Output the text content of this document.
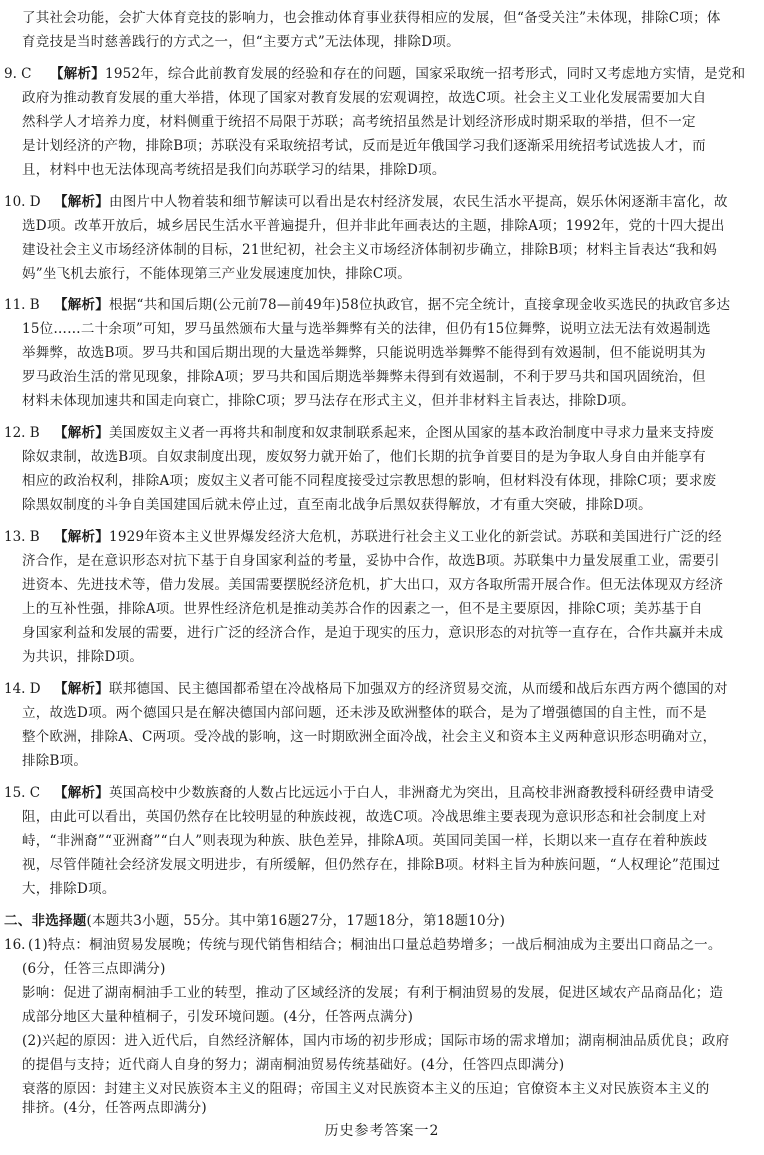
了其社会功能，会扩大体育竞技的影响力，也会推动体育事业获得相应的发展，但“备受关注”未体现，排除C项；体
育竞技是当时慈善践行的方式之一，但“主要方式”无法体现，排除D项。
9. C 【解析】1952年，综合此前教育发展的经验和存在的问题，国家采取统一招考形式，同时又考虑地方实情，是党和
政府为推动教育发展的重大举措，体现了国家对教育发展的宏观调控，故选C项。社会主义工业化发展需要加大自
然科学人才培养力度，材料侧重于统招不局限于苏联；高考统招虽然是计划经济形成时期采取的举措，但不一定
是计划经济的产物，排除B项；苏联没有采取统招考试，反而是近年俄国学习我们逐渐采用统招考试选拔人才，而
且，材料中也无法体现高考统招是我们向苏联学习的结果，排除D项。
10. D 【解析】由图片中人物着装和细节解读可以看出是农村经济发展，农民生活水平提高，娱乐休闲逐渐丰富化，故
选D项。改革开放后，城乡居民生活水平普遍提升，但并非此年画表达的主题，排除A项；1992年，党的十四大提出
建设社会主义市场经济体制的目标，21世纪初，社会主义市场经济体制初步确立，排除B项；材料主旨表达“我和妈
妈”坐飞机去旅行，不能体现第三产业发展速度加快，排除C项。
11. B 【解析】根据“共和国后期(公元前78—前49年)58位执政官，据不完全统计，直接拿现金收买选民的执政官多达
15位……二十余项”可知，罗马虽然颁布大量与选举舞弊有关的法律，但仍有15位舞弊，说明立法无法有效遏制选
举舞弊，故选B项。罗马共和国后期出现的大量选举舞弊，只能说明选举舞弊不能得到有效遏制，但不能说明其为
罗马政治生活的常见现象，排除A项；罗马共和国后期选举舞弊未得到有效遏制，不利于罗马共和国巩固统治，但
材料未体现加速共和国走向衰亡，排除C项；罗马法存在形式主义，但并非材料主旨表达，排除D项。
12. B 【解析】美国废奴主义者一再将共和制度和奴隶制联系起来，企图从国家的基本政治制度中寻求力量来支持废
除奴隶制，故选B项。自奴隶制度出现，废奴努力就开始了，他们长期的抗争首要目的是为争取人身自由并能享有
相应的政治权利，排除A项；废奴主义者可能不同程度接受过宗教思想的影响，但材料没有体现，排除C项；要求废
除黑奴制度的斗争自美国建国后就未停止过，直至南北战争后黑奴获得解放，才有重大突破，排除D项。
13. B 【解析】1929年资本主义世界爆发经济大危机，苏联进行社会主义工业化的新尝试。苏联和美国进行广泛的经
济合作，是在意识形态对抗下基于自身国家利益的考量，妥协中合作，故选B项。苏联集中力量发展重工业，需要引
进资本、先进技术等，借力发展。美国需要摆脱经济危机，扩大出口，双方各取所需开展合作。但无法体现双方经济
上的互补性强，排除A项。世界性经济危机是推动美苏合作的因素之一，但不是主要原因，排除C项；美苏基于自
身国家利益和发展的需要，进行广泛的经济合作，是迫于现实的压力，意识形态的对抗等一直存在，合作共赢并未成
为共识，排除D项。
14. D 【解析】联邦德国、民主德国都希望在冷战格局下加强双方的经济贸易交流，从而缓和战后东西方两个德国的对
立，故选D项。两个德国只是在解决德国内部问题，还未涉及欧洲整体的联合，是为了增强德国的自主性，而不是
整个欧洲，排除A、C两项。受冷战的影响，这一时期欧洲全面冷战，社会主义和资本主义两种意识形态明确对立，
排除B项。
15. C 【解析】英国高校中少数族裔的人数占比远远小于白人，非洲裔尤为突出，且高校非洲裔教授科研经费申请受
阻，由此可以看出，英国仍然存在比较明显的种族歧视，故选C项。冷战思维主要表现为意识形态和社会制度上对
峙，“非洲裔”“亚洲裔”“白人”则表现为种族、肤色差异，排除A项。英国同美国一样，长期以来一直存在着种族歧
视，尽管伴随社会经济发展文明进步，有所缓解，但仍然存在，排除B项。材料主旨为种族问题，“人权理论”范围过
大，排除D项。
二、非选择题(本题共3小题，55分。其中第16题27分，17题18分，第18题10分)
16. (1)特点：桐油贸易发展晚；传统与现代销售相结合；桐油出口量总趋势增多；一战后桐油成为主要出口商品之一。
(6分，任答三点即满分)
影响：促进了湖南桐油手工业的转型，推动了区域经济的发展；有利于桐油贸易的发展，促进区域农产品商品化；造
成部分地区大量种植桐子，引发环境问题。(4分，任答两点满分)
(2)兴起的原因：进入近代后，自然经济解体，国内市场的初步形成；国际市场的需求增加；湖南桐油品质优良；政府
的提倡与支持；近代商人自身的努力；湖南桐油贸易传统基础好。(4分，任答四点即满分)
衰落的原因：封建主义对民族资本主义的阻碍；帝国主义对民族资本主义的压迫；官僚资本主义对民族资本主义的
排挤。(4分，任答两点即满分)
历史参考答案一2
